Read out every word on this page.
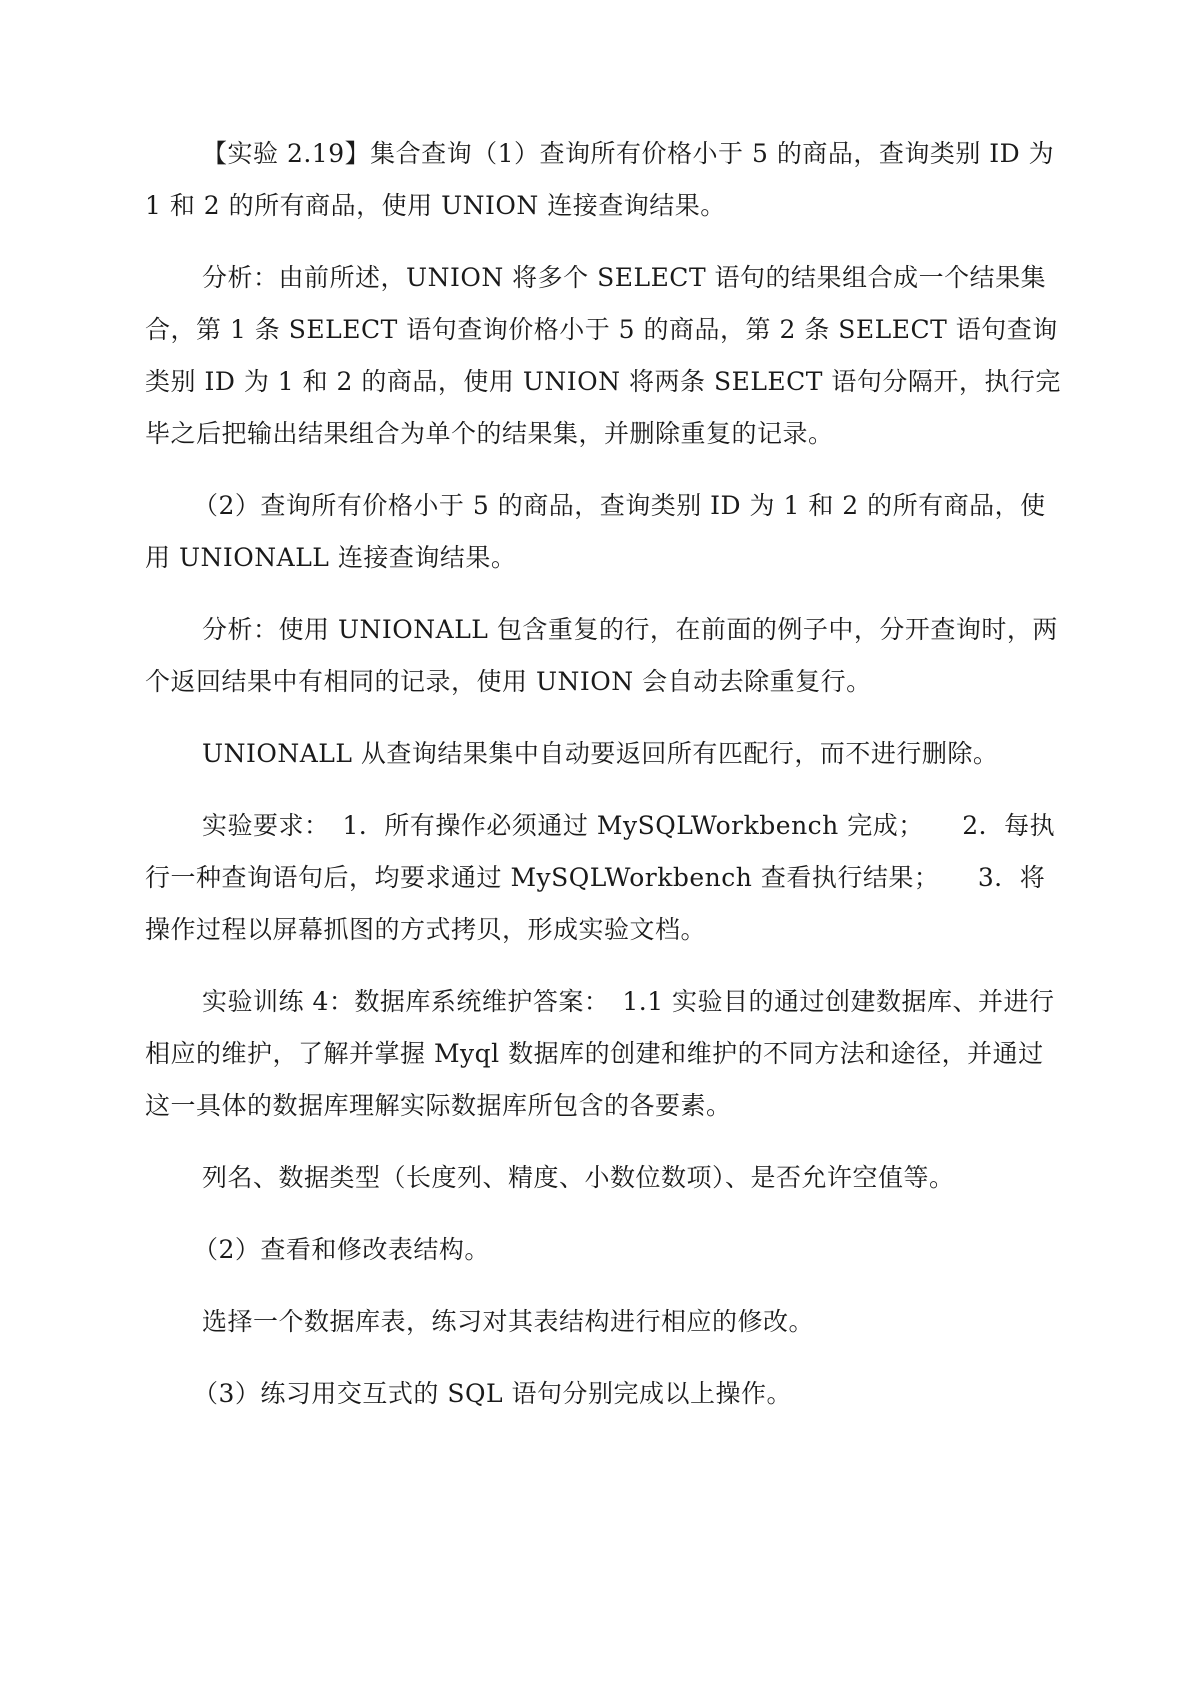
【实验 2.19】集合查询（1）查询所有价格小于 5 的商品，查询类别 ID 为 1 和 2 的所有商品，使用 UNION 连接查询结果。

分析：由前所述，UNION 将多个 SELECT 语句的结果组合成一个结果集合，第 1 条 SELECT 语句查询价格小于 5 的商品，第 2 条 SELECT 语句查询类别 ID 为 1 和 2 的商品，使用 UNION 将两条 SELECT 语句分隔开，执行完毕之后把输出结果组合为单个的结果集，并删除重复的记录。

（2）查询所有价格小于 5 的商品，查询类别 ID 为 1 和 2 的所有商品，使用 UNIONALL 连接查询结果。

分析：使用 UNIONALL 包含重复的行，在前面的例子中，分开查询时，两个返回结果中有相同的记录，使用 UNION 会自动去除重复行。

UNIONALL 从查询结果集中自动要返回所有匹配行，而不进行删除。

实验要求：　1．所有操作必须通过 MySQLWorkbench 完成；　　2．每执行一种查询语句后，均要求通过 MySQLWorkbench 查看执行结果；　　3．将操作过程以屏幕抓图的方式拷贝，形成实验文档。

实验训练 4：数据库系统维护答案：　1.1 实验目的通过创建数据库、并进行相应的维护，了解并掌握 Myql 数据库的创建和维护的不同方法和途径，并通过这一具体的数据库理解实际数据库所包含的各要素。

列名、数据类型（长度列、精度、小数位数项）、是否允许空值等。

（2）查看和修改表结构。

选择一个数据库表，练习对其表结构进行相应的修改。

（3）练习用交互式的 SQL 语句分别完成以上操作。
